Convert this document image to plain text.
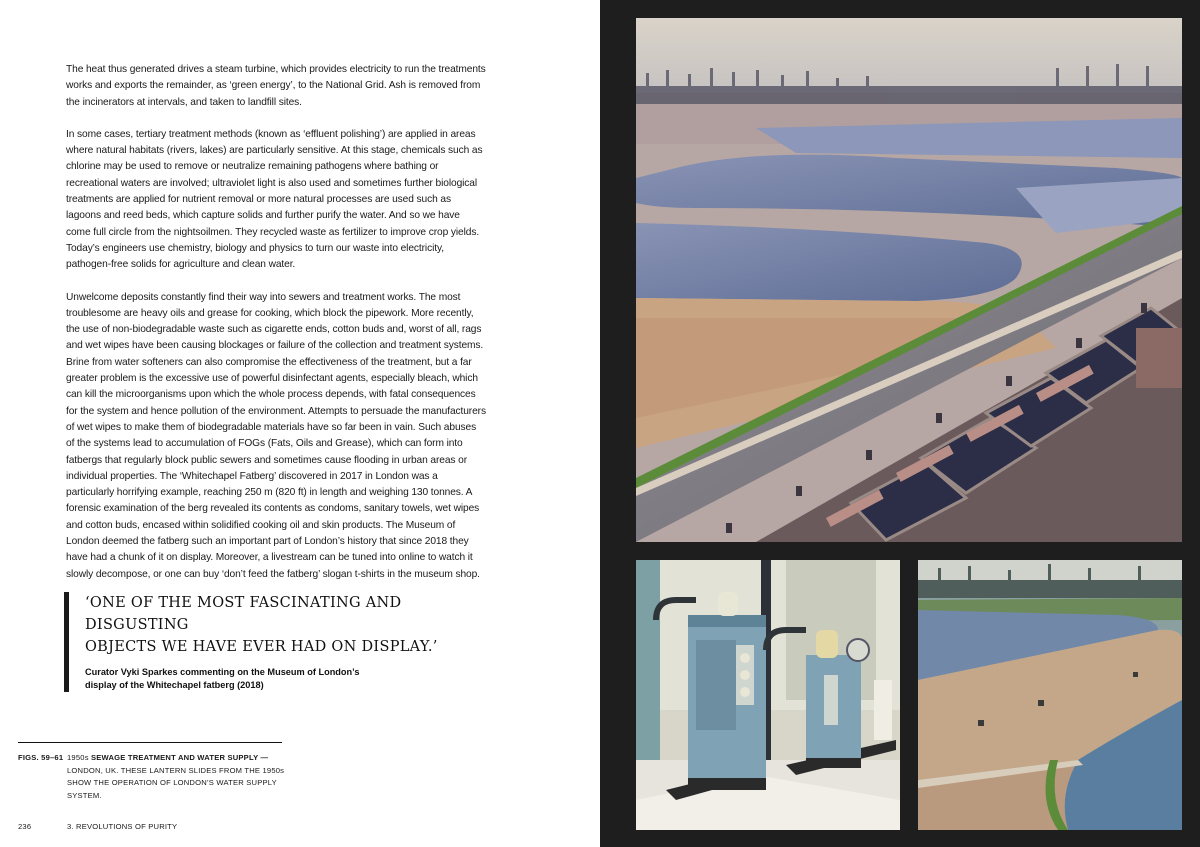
The heat thus generated drives a steam turbine, which provides electricity to run the treatments works and exports the remainder, as ‘green energy’, to the National Grid. Ash is removed from the incinerators at intervals, and taken to landfill sites.

In some cases, tertiary treatment methods (known as ‘effluent polishing’) are applied in areas where natural habitats (rivers, lakes) are particularly sensitive. At this stage, chemicals such as chlorine may be used to remove or neutralize remaining pathogens where bathing or recreational waters are involved; ultraviolet light is also used and sometimes further biological treatments are applied for nutrient removal or more natural processes are used such as lagoons and reed beds, which capture solids and further purify the water. And so we have come full circle from the nightsoilmen. They recycled waste as fertilizer to improve crop yields. Today’s engineers use chemistry, biology and physics to turn our waste into electricity, pathogen-free solids for agriculture and clean water.

Unwelcome deposits constantly find their way into sewers and treatment works. The most troublesome are heavy oils and grease for cooking, which block the pipework. More recently, the use of non-biodegradable waste such as cigarette ends, cotton buds and, worst of all, rags and wet wipes have been causing blockages or failure of the collection and treatment systems. Brine from water softeners can also compromise the effectiveness of the treatment, but a far greater problem is the excessive use of powerful disinfectant agents, especially bleach, which can kill the microorganisms upon which the whole process depends, with fatal consequences for the system and hence pollution of the environment. Attempts to persuade the manufacturers of wet wipes to make them of biodegradable materials have so far been in vain. Such abuses of the systems lead to accumulation of FOGs (Fats, Oils and Grease), which can form into fatbergs that regularly block public sewers and sometimes cause flooding in urban areas or individual properties. The ‘Whitechapel Fatberg’ discovered in 2017 in London was a particularly horrifying example, reaching 250 m (820 ft) in length and weighing 130 tonnes. A forensic examination of the berg revealed its contents as condoms, sanitary towels, wet wipes and cotton buds, encased within solidified cooking oil and skin products. The Museum of London deemed the fatberg such an important part of London’s history that since 2018 they have had a chunk of it on display. Moreover, a livestream can be tuned into online to watch it slowly decompose, or one can buy ‘don’t feed the fatberg’ slogan t-shirts in the museum shop.

‘ONE OF THE MOST FASCINATING AND DISGUSTING
OBJECTS WE HAVE EVER HAD ON DISPLAY.’

Curator Vyki Sparkes commenting on the Museum of London’s
display of the Whitechapel fatberg (2018)
FIGS. 59–61 1950s SEWAGE TREATMENT AND WATER SUPPLY —
LONDON, UK. THESE LANTERN SLIDES FROM THE 1950s
SHOW THE OPERATION OF LONDON’S WATER SUPPLY SYSTEM.
236	3. REVOLUTIONS OF PURITY
